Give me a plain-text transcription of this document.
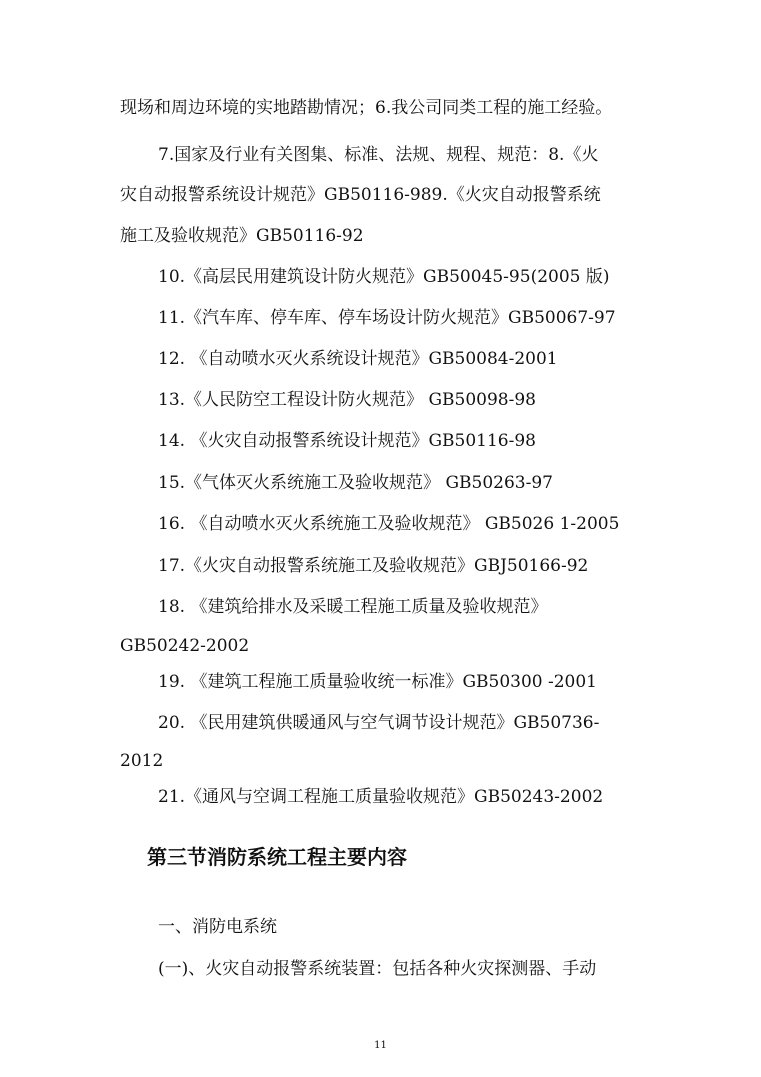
现场和周边环境的实地踏勘情况；6.我公司同类工程的施工经验。
7.国家及行业有关图集、标准、法规、规程、规范：8.《火
灾自动报警系统设计规范》GB50116-989.《火灾自动报警系统
施工及验收规范》GB50116-92
10.《高层民用建筑设计防火规范》GB50045-95(2005 版)
11.《汽车库、停车库、停车场设计防火规范》GB50067-97
12. 《自动喷水灭火系统设计规范》GB50084-2001
13.《人民防空工程设计防火规范》 GB50098-98
14. 《火灾自动报警系统设计规范》GB50116-98
15.《气体灭火系统施工及验收规范》 GB50263-97
16. 《自动喷水灭火系统施工及验收规范》 GB5026 1-2005
17.《火灾自动报警系统施工及验收规范》GBJ50166-92
18. 《建筑给排水及采暖工程施工质量及验收规范》
GB50242-2002
19. 《建筑工程施工质量验收统一标准》GB50300 -2001
20. 《民用建筑供暖通风与空气调节设计规范》GB50736-
2012
21.《通风与空调工程施工质量验收规范》GB50243-2002
第三节消防系统工程主要内容
一、消防电系统
(一)、火灾自动报警系统装置：包括各种火灾探测器、手动
11
